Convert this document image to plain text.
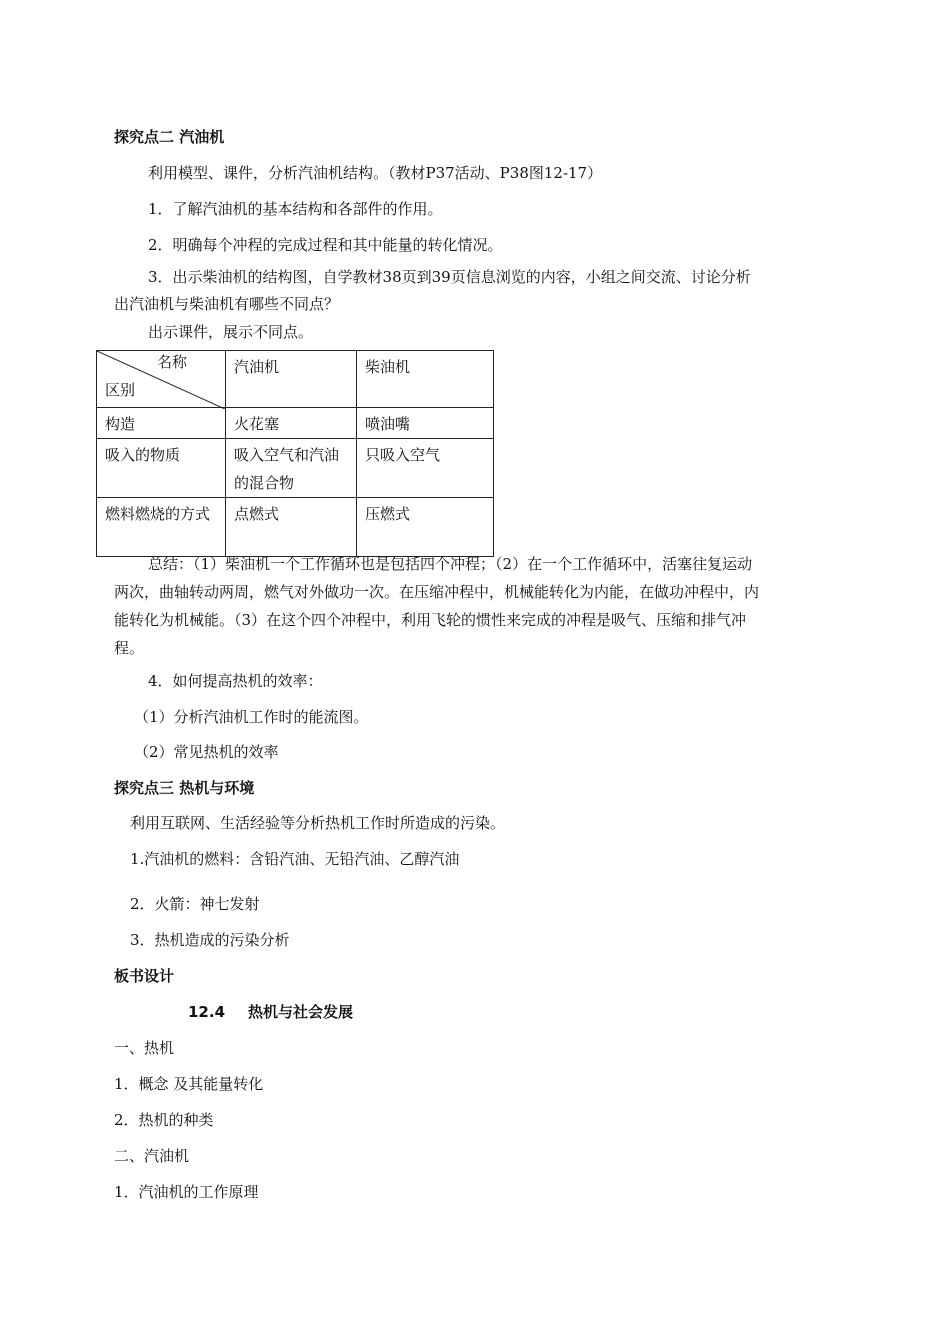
探究点二 汽油机
利用模型、课件，分析汽油机结构。（教材P37活动、P38图12-17）
1．了解汽油机的基本结构和各部件的作用。
2．明确每个冲程的完成过程和其中能量的转化情况。
3．出示柴油机的结构图，自学教材38页到39页信息浏览的内容，小组之间交流、讨论分析
出汽油机与柴油机有哪些不同点？
出示课件，展示不同点。
名称
区别	汽油机	柴油机
构造	火花塞	喷油嘴
吸入的物质	吸入空气和汽油的混合物	只吸入空气
燃料燃烧的方式	点燃式	压燃式
总结：（1）柴油机一个工作循环也是包括四个冲程；（2）在一个工作循环中，活塞往复运动
两次，曲轴转动两周，燃气对外做功一次。在压缩冲程中，机械能转化为内能，在做功冲程中，内
能转化为机械能。（3）在这个四个冲程中，利用飞轮的惯性来完成的冲程是吸气、压缩和排气冲
程。
4．如何提高热机的效率：
（1）分析汽油机工作时的能流图。
（2）常见热机的效率
探究点三 热机与环境
利用互联网、生活经验等分析热机工作时所造成的污染。
1.汽油机的燃料：含铅汽油、无铅汽油、乙醇汽油
2．火箭：神七发射
3．热机造成的污染分析
板书设计
12.4 热机与社会发展
一、热机
1．概念 及其能量转化
2．热机的种类
二、汽油机
1．汽油机的工作原理
